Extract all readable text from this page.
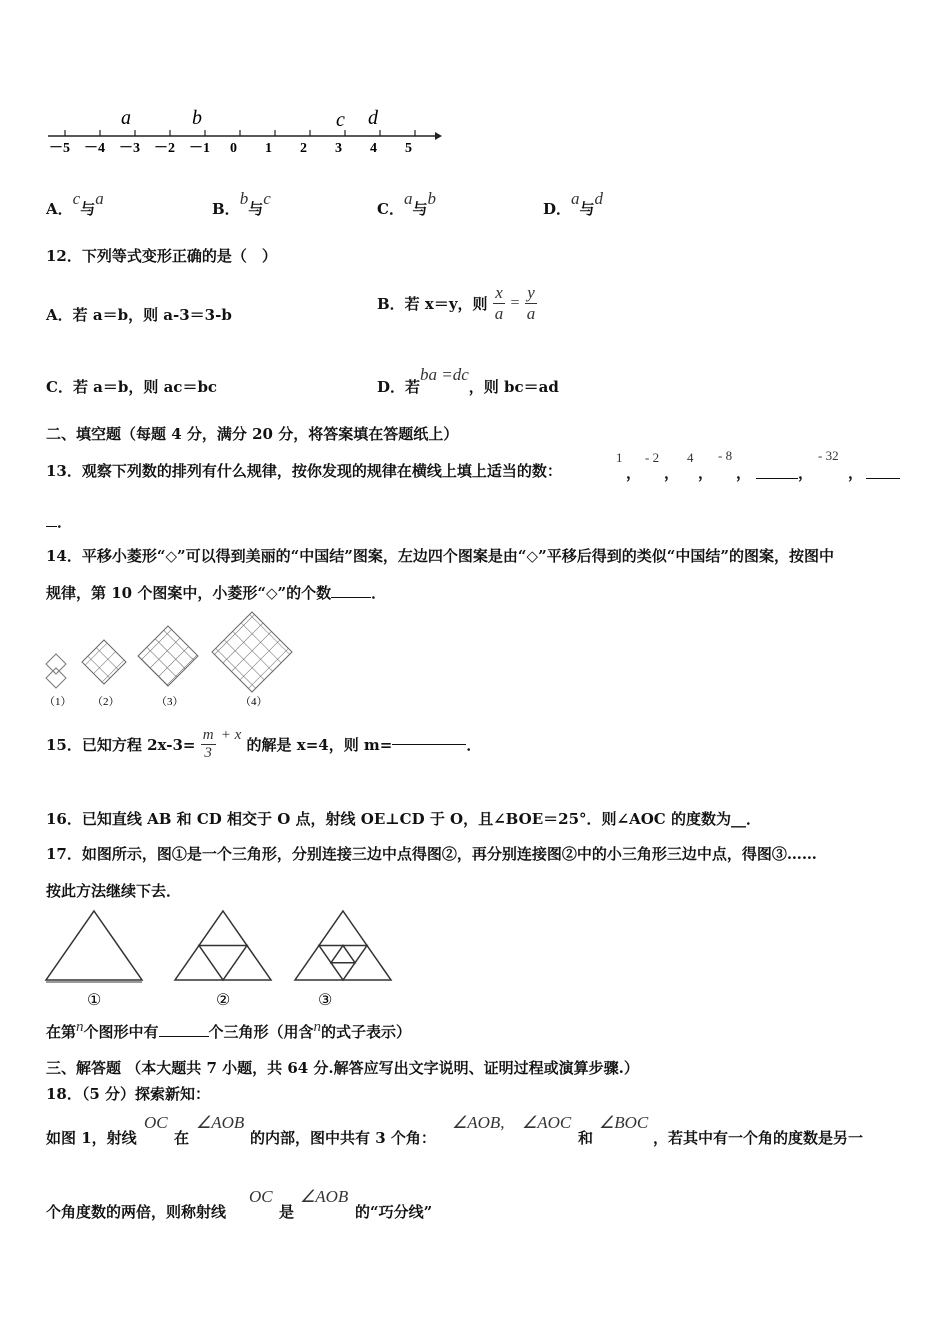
a	b	c d
－5 －4 －3 －2 －1 0 1 2 3 4 5
A．c与a
B．b与c
C．a与b
D．a与d
12．下列等式变形正确的是（　）
A．若 a＝b，则 a-3＝3-b
B．若 x＝y，则 $\frac{x}{a} = \frac{y}{a}$
C．若 a＝b，则 ac＝bc	D．若ba =dc，则 bc＝ad
二、填空题（每题 4 分，满分 20 分，将答案填在答题纸上）
13．观察下列数的排列有什么规律，按你发现的规律在横线上填上适当的数：
1
，
- 2
，
4
，
- 8
，	，
- 32
，
．
14．平移小菱形“◇”可以得到美丽的“中国结”图案，左边四个图案是由“◇”平移后得到的类似“中国结”的图案，按图中
规律，第 10 个图案中，小菱形“◇”的个数	．
（1） （2）	（3）	（4）
15．已知方程 $2x-3= \frac{m}{3} + x$ 的解是 x=4，则 m=	．
16．已知直线 AB 和 CD 相交于 O 点，射线 OE⊥CD 于 O，且∠BOE＝25°．则∠AOC 的度数为__．
17．如图所示，图①是一个三角形，分别连接三边中点得图②，再分别连接图②中的小三角形三边中点，得图③……
按此方法继续下去．
①	②	③
在第n个图形中有	个三角形（用含n的式子表示）
三、解答题 （本大题共 7 小题，共 64 分.解答应写出文字说明、证明过程或演算步骤.）
18．（5 分）探索新知：
如图 1，射线
OC
在
∠AOB
的内部，图中共有 3 个角：
∠AOB, ∠AOC
和
∠BOC
，若其中有一个角的度数是另一
个角度数的两倍，则称射线
OC
是
∠AOB
的“巧分线”
